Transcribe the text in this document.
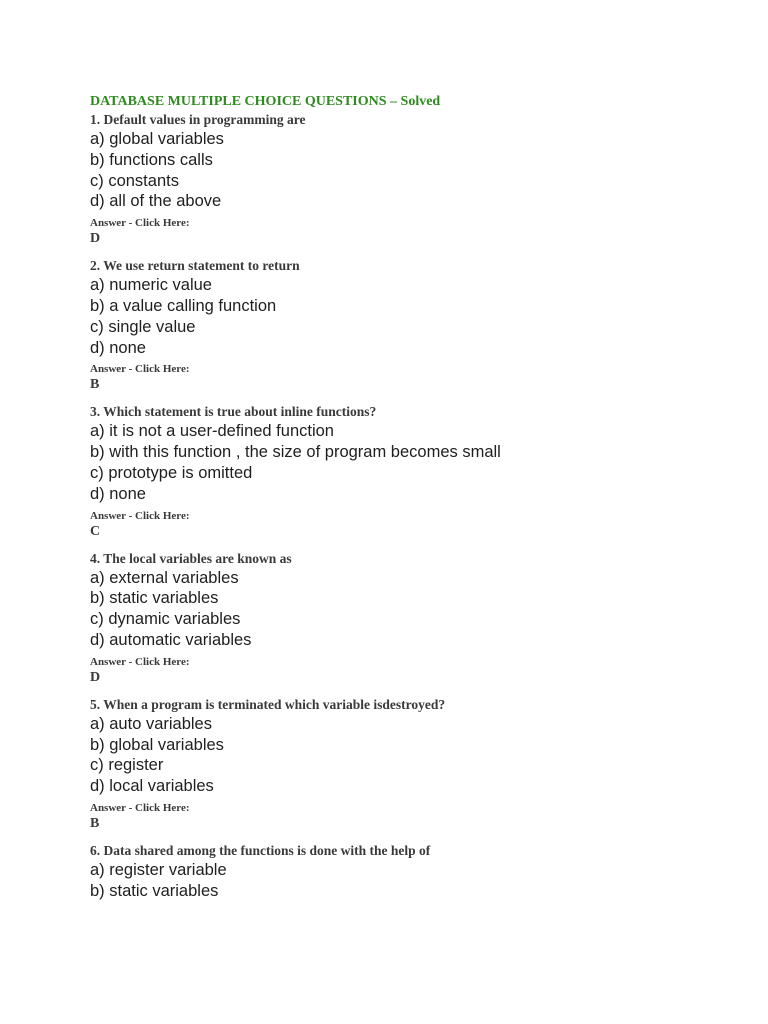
DATABASE MULTIPLE CHOICE QUESTIONS – Solved
1. Default values in programming are
a) global variables
b) functions calls
c) constants
d) all of the above
Answer - Click Here:
D
2. We use return statement to return
a) numeric value
b) a value calling function
c) single value
d) none
Answer - Click Here:
B
3. Which statement is true about inline functions?
a) it is not a user-defined function
b) with this function , the size of program becomes small
c) prototype is omitted
d) none
Answer - Click Here:
C
4. The local variables are known as
a) external variables
b) static variables
c) dynamic variables
d) automatic variables
Answer - Click Here:
D
5. When a program is terminated which variable isdestroyed?
a) auto variables
b) global variables
c) register
d) local variables
Answer - Click Here:
B
6. Data shared among the functions is done with the help of
a) register variable
b) static variables
